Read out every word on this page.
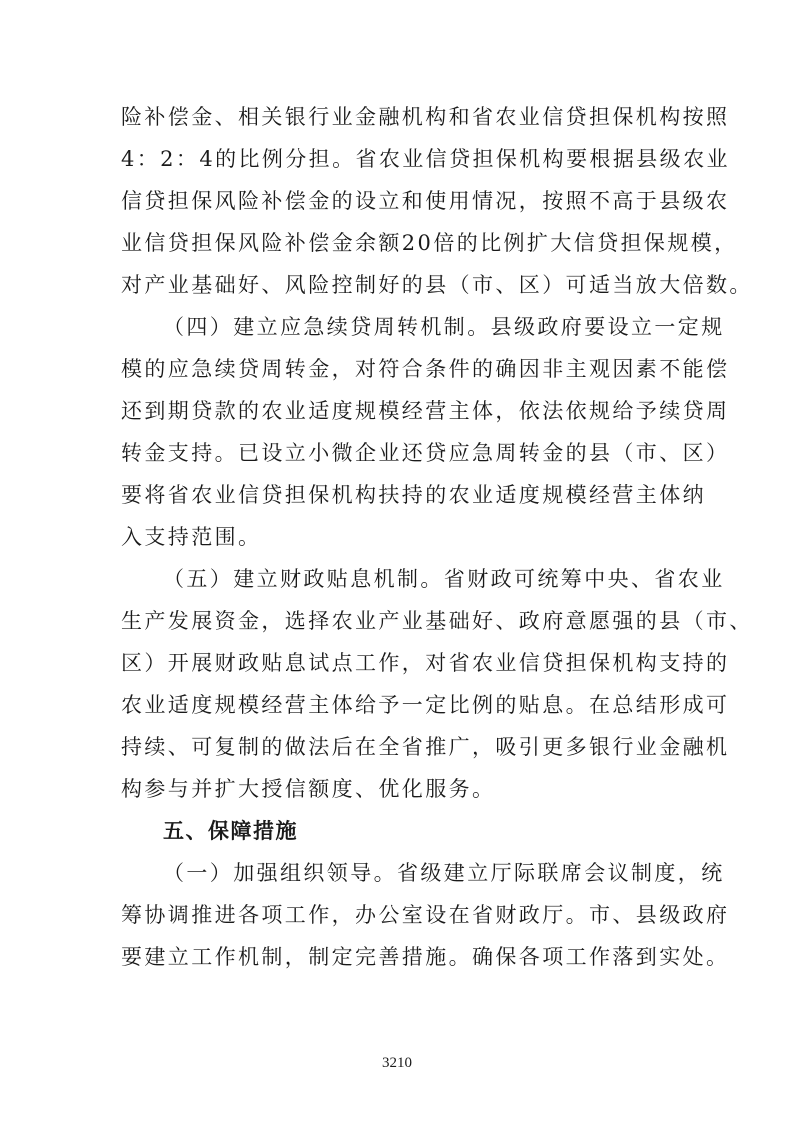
险补偿金、相关银行业金融机构和省农业信贷担保机构按照
4：2：4的比例分担。省农业信贷担保机构要根据县级农业
信贷担保风险补偿金的设立和使用情况，按照不高于县级农
业信贷担保风险补偿金余额20倍的比例扩大信贷担保规模，
对产业基础好、风险控制好的县（市、区）可适当放大倍数。
（四）建立应急续贷周转机制。县级政府要设立一定规
模的应急续贷周转金，对符合条件的确因非主观因素不能偿
还到期贷款的农业适度规模经营主体，依法依规给予续贷周
转金支持。已设立小微企业还贷应急周转金的县（市、区）
要将省农业信贷担保机构扶持的农业适度规模经营主体纳
入支持范围。
（五）建立财政贴息机制。省财政可统筹中央、省农业
生产发展资金，选择农业产业基础好、政府意愿强的县（市、
区）开展财政贴息试点工作，对省农业信贷担保机构支持的
农业适度规模经营主体给予一定比例的贴息。在总结形成可
持续、可复制的做法后在全省推广，吸引更多银行业金融机
构参与并扩大授信额度、优化服务。
五、保障措施
（一）加强组织领导。省级建立厅际联席会议制度，统
筹协调推进各项工作，办公室设在省财政厅。市、县级政府
要建立工作机制，制定完善措施。确保各项工作落到实处。
3210
